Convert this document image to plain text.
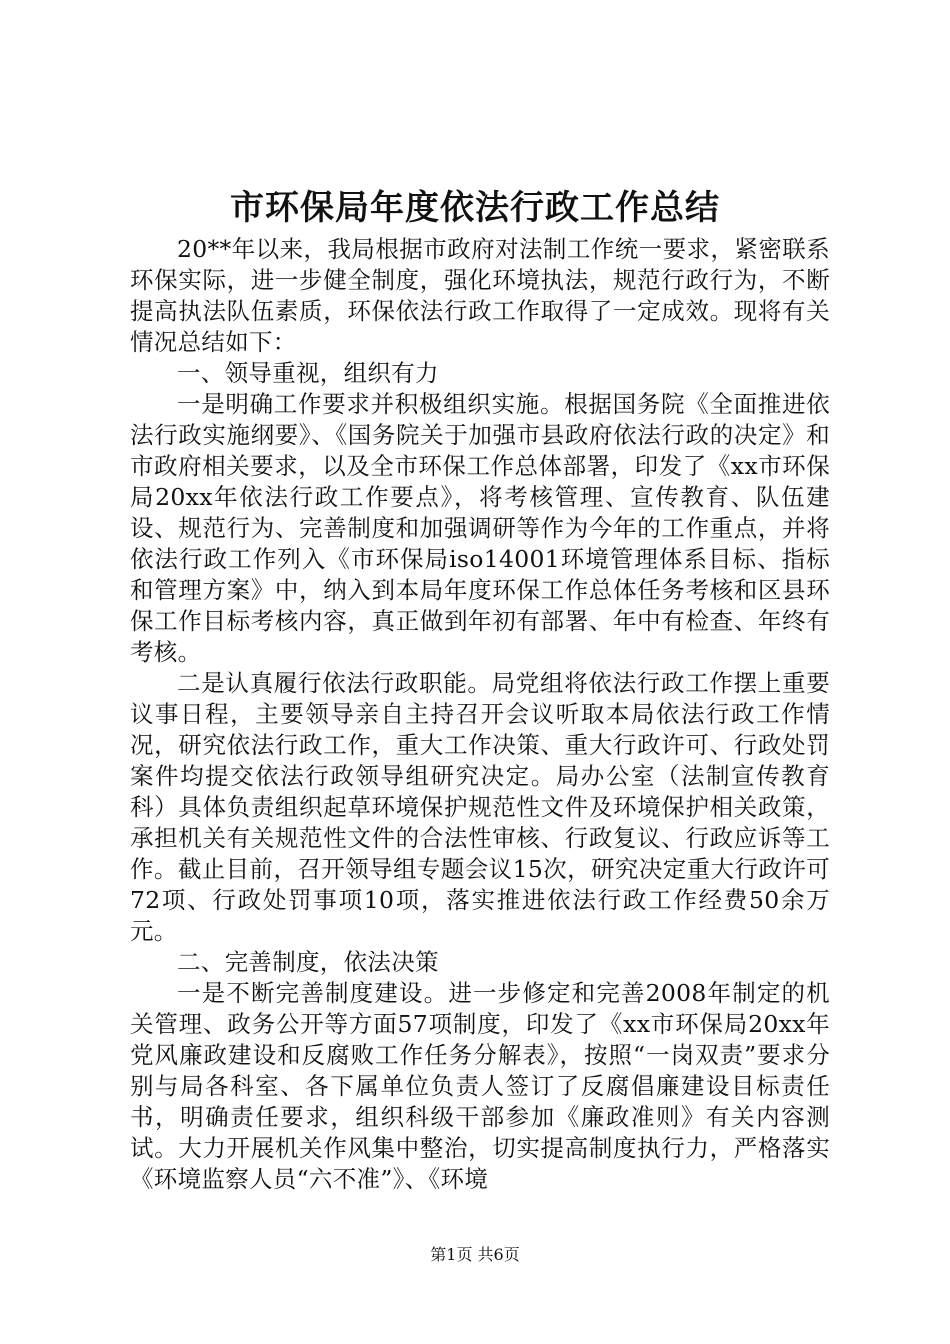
市环保局年度依法行政工作总结

20**年以来，我局根据市政府对法制工作统一要求，紧密联系环保实际，进一步健全制度，强化环境执法，规范行政行为，不断提高执法队伍素质，环保依法行政工作取得了一定成效。现将有关情况总结如下：

一、领导重视，组织有力

一是明确工作要求并积极组织实施。根据国务院《全面推进依法行政实施纲要》、《国务院关于加强市县政府依法行政的决定》和市政府相关要求，以及全市环保工作总体部署，印发了《xx市环保局20xx年依法行政工作要点》，将考核管理、宣传教育、队伍建设、规范行为、完善制度和加强调研等作为今年的工作重点，并将依法行政工作列入《市环保局iso14001环境管理体系目标、指标和管理方案》中，纳入到本局年度环保工作总体任务考核和区县环保工作目标考核内容，真正做到年初有部署、年中有检查、年终有考核。

二是认真履行依法行政职能。局党组将依法行政工作摆上重要议事日程，主要领导亲自主持召开会议听取本局依法行政工作情况，研究依法行政工作，重大工作决策、重大行政许可、行政处罚案件均提交依法行政领导组研究决定。局办公室（法制宣传教育科）具体负责组织起草环境保护规范性文件及环境保护相关政策，承担机关有关规范性文件的合法性审核、行政复议、行政应诉等工作。截止目前，召开领导组专题会议15次，研究决定重大行政许可72项、行政处罚事项10项，落实推进依法行政工作经费50余万元。

二、完善制度，依法决策

一是不断完善制度建设。进一步修定和完善2008年制定的机关管理、政务公开等方面57项制度，印发了《xx市环保局20xx年党风廉政建设和反腐败工作任务分解表》，按照“一岗双责”要求分别与局各科室、各下属单位负责人签订了反腐倡廉建设目标责任书，明确责任要求，组织科级干部参加《廉政准则》有关内容测试。大力开展机关作风集中整治，切实提高制度执行力，严格落实《环境监察人员“六不准”》、《环境

第1页 共6页
